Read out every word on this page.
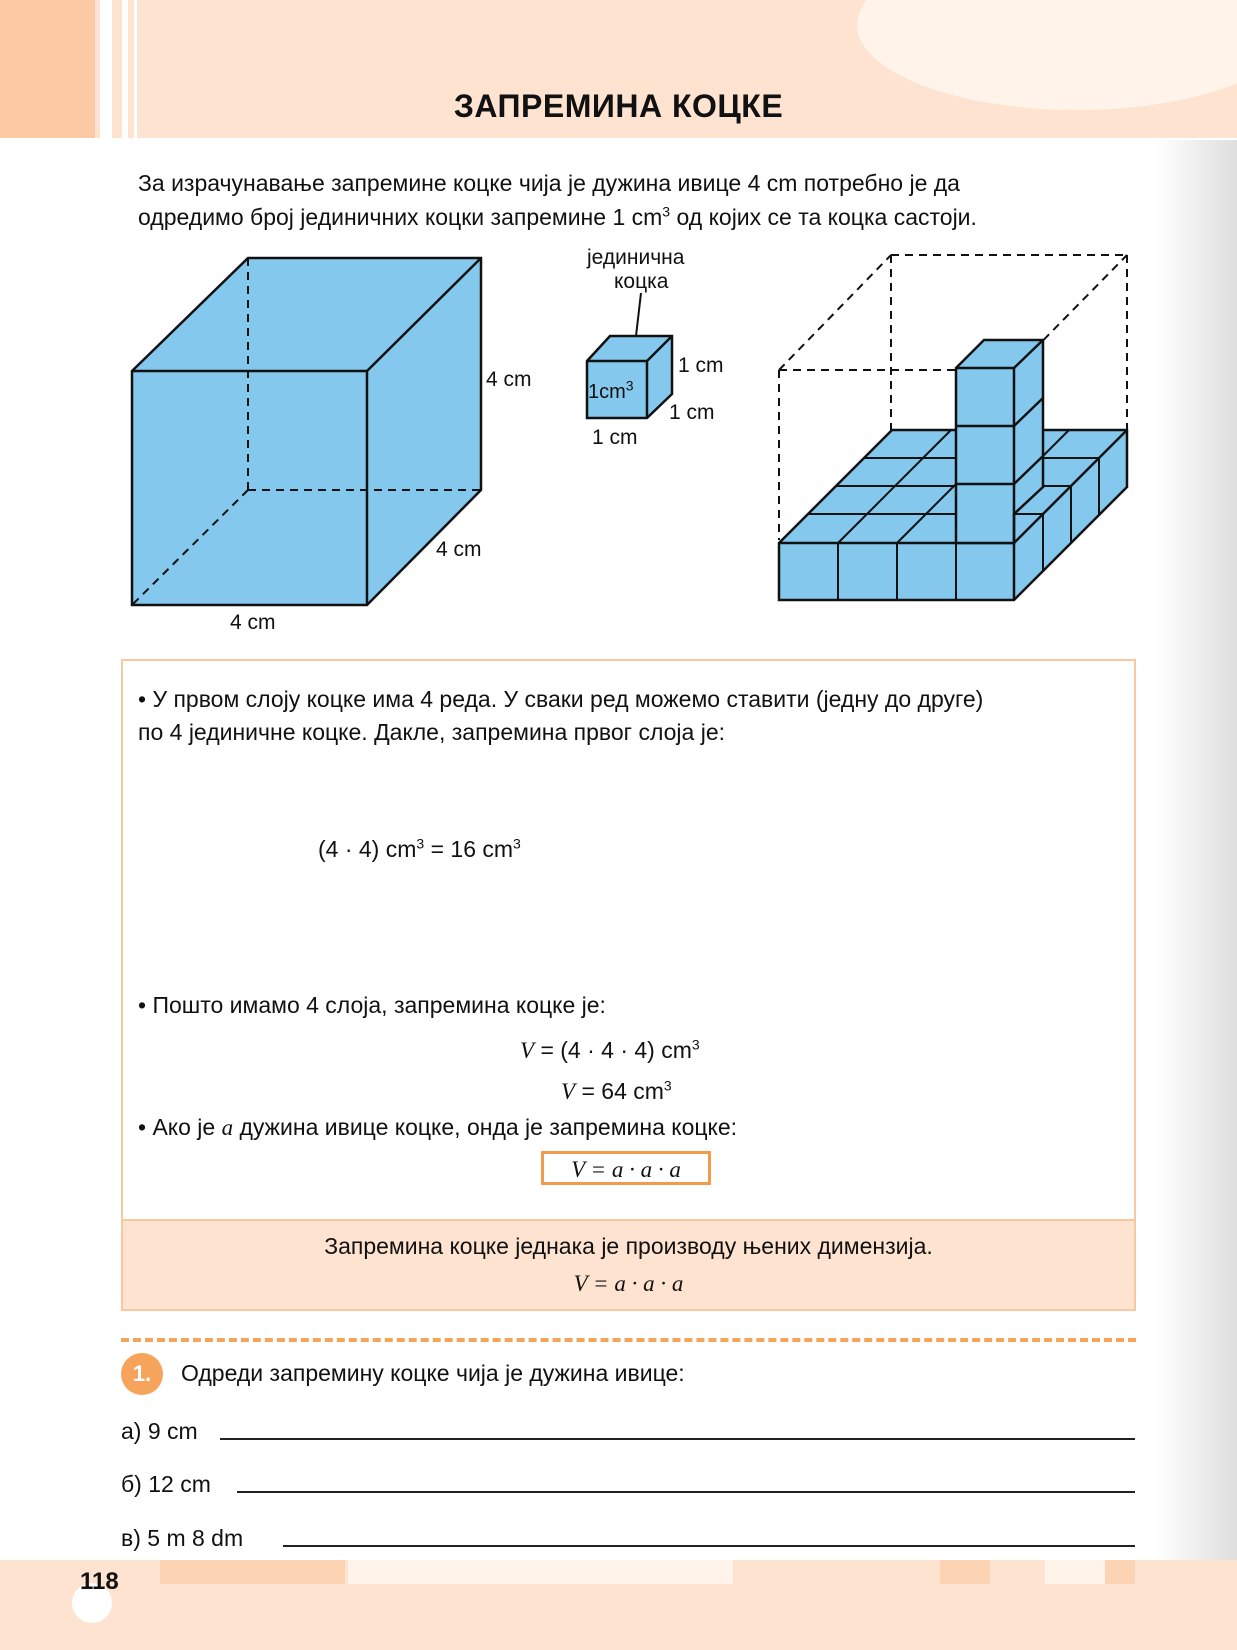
ЗАПРЕМИНА КОЦКЕ
За израчунавање запремине коцке чија је дужина ивице 4 cm потребно је да
одредимо број јединичних коцки запремине 1 $cm^3$ од којих се та коцка састоји.
4 cm
4 cm
4 cm
јединична
коцка
$1cm^3$
1 cm
1 cm
1 cm
• У првом слоју коцке има 4 реда. У сваки ред можемо ставити (једну до друге)
по 4 јединичне коцке. Дакле, запремина првог слоја је:
(4 · 4) $cm^3 = 16$ $cm^3$
• Пошто имамо 4 слоја, запремина коцке је:
V = (4 · 4 · 4) $cm^3$
V = 64 $cm^3$
• Ако је a дужина ивице коцке, онда је запремина коцке:
V = a · a · a
Запремина коцке једнака је производу њених димензија.
V = a · a · a
1.	Одреди запремину коцке чија је дужина ивице:
а) 9 cm
б) 12 cm
в) 5 m 8 dm
118
